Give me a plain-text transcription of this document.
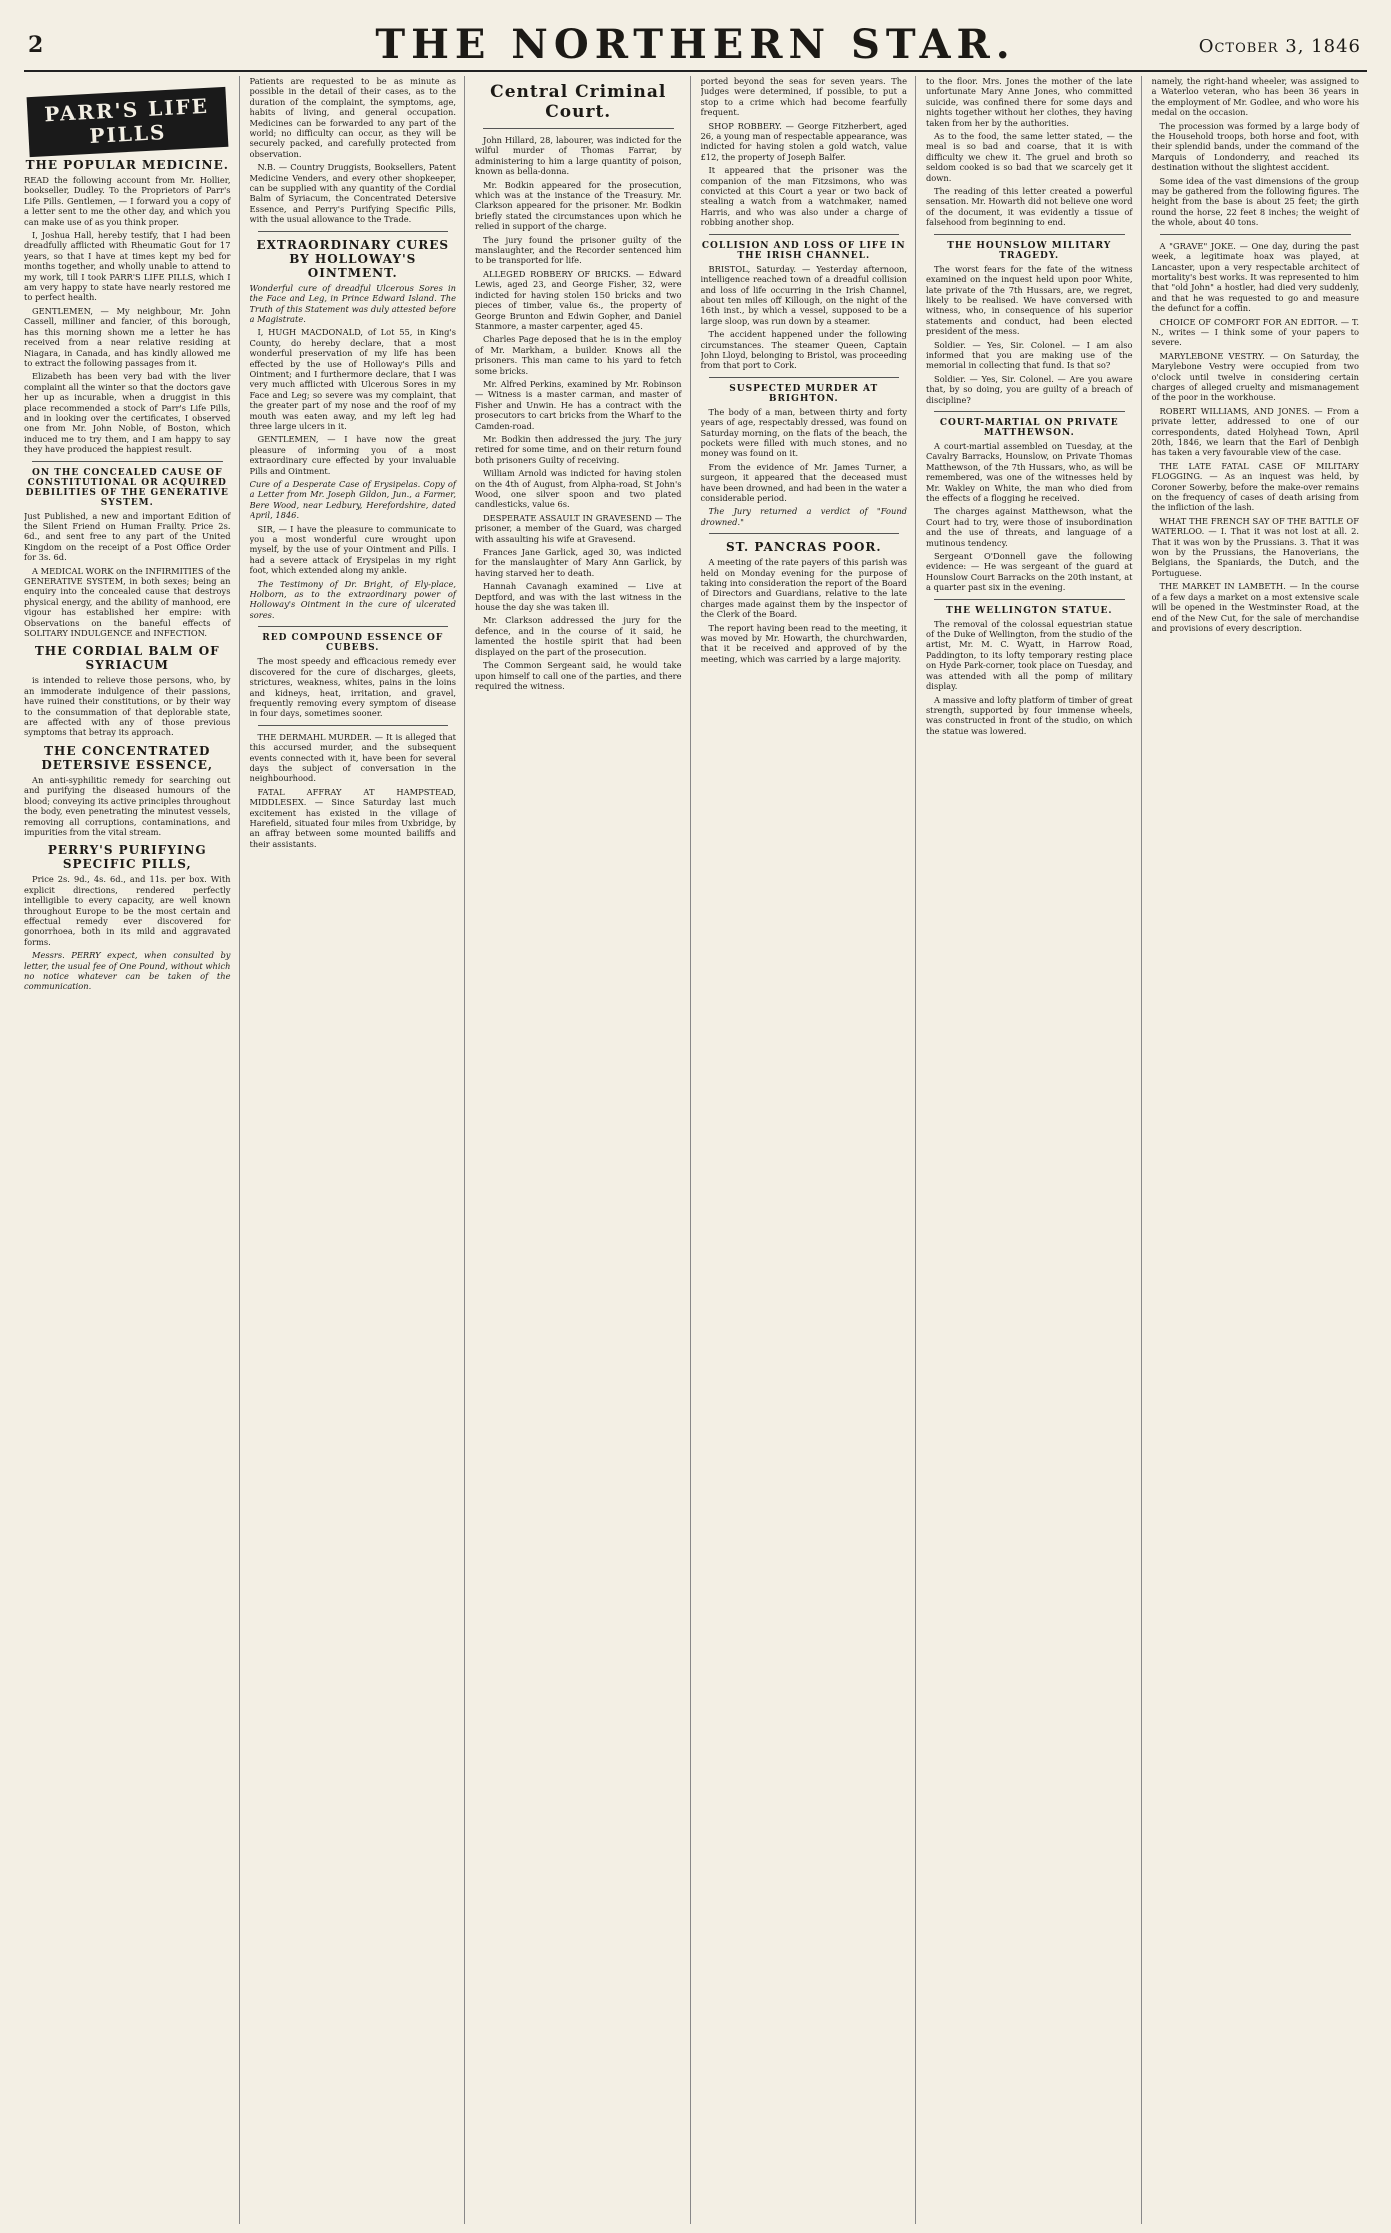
2	THE NORTHERN STAR.	October 3, 1846
PARR'S LIFE PILLS
THE POPULAR MEDICINE.

READ the following account from Mr. Hollier, bookseller, Dudley. To the Proprietors of Parr's Life Pills. Gentlemen, — I forward you a copy of a letter sent to me the other day, and which you can make use of as you think proper.

I, Joshua Hall, hereby testify, that I had been dreadfully afflicted with Rheumatic Gout for 17 years, so that I have at times kept my bed for months together, and wholly unable to attend to my work, till I took PARR'S LIFE PILLS, which I am very happy to state have nearly restored me to perfect health.

GENTLEMEN, — My neighbour, Mr. John Cassell, milliner and fancier, of this borough, has this morning shown me a letter he has received from a near relative residing at Niagara, in Canada, and has kindly allowed me to extract the following passages from it.

Elizabeth has been very bad with the liver complaint all the winter so that the doctors gave her up as incurable, when a druggist in this place recommended a stock of Parr's Life Pills, and in looking over the certificates, I observed one from Mr. John Noble, of Boston, which induced me to try them, and I am happy to say they have produced the happiest result.

ON THE CONCEALED CAUSE OF CONSTITUTIONAL OR ACQUIRED DEBILITIES OF THE GENERATIVE SYSTEM.

Just Published, a new and important Edition of the Silent Friend on Human Frailty. Price 2s. 6d., and sent free to any part of the United Kingdom on the receipt of a Post Office Order for 3s. 6d.

A MEDICAL WORK on the INFIRMITIES of the GENERATIVE SYSTEM, in both sexes; being an enquiry into the concealed cause that destroys physical energy, and the ability of manhood, ere vigour has established her empire: with Observations on the baneful effects of SOLITARY INDULGENCE and INFECTION.

THE CORDIAL BALM OF SYRIACUM

is intended to relieve those persons, who, by an immoderate indulgence of their passions, have ruined their constitutions, or by their way to the consummation of that deplorable state, are affected with any of those previous symptoms that betray its approach.

THE CONCENTRATED DETERSIVE ESSENCE,

An anti-syphilitic remedy for searching out and purifying the diseased humours of the blood; conveying its active principles throughout the body, even penetrating the minutest vessels, removing all corruptions, contaminations, and impurities from the vital stream.

PERRY'S PURIFYING SPECIFIC PILLS,

Price 2s. 9d., 4s. 6d., and 11s. per box. With explicit directions, rendered perfectly intelligible to every capacity, are well known throughout Europe to be the most certain and effectual remedy ever discovered for gonorrhoea, both in its mild and aggravated forms.

Messrs. PERRY expect, when consulted by letter, the usual fee of One Pound, without which no notice whatever can be taken of the communication.

Patients are requested to be as minute as possible in the detail of their cases, as to the duration of the complaint, the symptoms, age, habits of living, and general occupation. Medicines can be forwarded to any part of the world; no difficulty can occur, as they will be securely packed, and carefully protected from observation.

N.B. — Country Druggists, Booksellers, Patent Medicine Venders, and every other shopkeeper, can be supplied with any quantity of the Cordial Balm of Syriacum, the Concentrated Detersive Essence, and Perry's Purifying Specific Pills, with the usual allowance to the Trade.

EXTRAORDINARY CURES BY HOLLOWAY'S OINTMENT.

Wonderful cure of dreadful Ulcerous Sores in the Face and Leg, in Prince Edward Island. The Truth of this Statement was duly attested before a Magistrate.

I, HUGH MACDONALD, of Lot 55, in King's County, do hereby declare, that a most wonderful preservation of my life has been effected by the use of Holloway's Pills and Ointment; and I furthermore declare, that I was very much afflicted with Ulcerous Sores in my Face and Leg; so severe was my complaint, that the greater part of my nose and the roof of my mouth was eaten away, and my left leg had three large ulcers in it.

GENTLEMEN, — I have now the great pleasure of informing you of a most extraordinary cure effected by your invaluable Pills and Ointment.

Cure of a Desperate Case of Erysipelas. Copy of a Letter from Mr. Joseph Gildon, Jun., a Farmer, Bere Wood, near Ledbury, Herefordshire, dated April, 1846.

SIR, — I have the pleasure to communicate to you a most wonderful cure wrought upon myself, by the use of your Ointment and Pills. I had a severe attack of Erysipelas in my right foot, which extended along my ankle.

The Testimony of Dr. Bright, of Ely-place, Holborn, as to the extraordinary power of Holloway's Ointment in the cure of ulcerated sores.

RED COMPOUND ESSENCE OF CUBEBS.

The most speedy and efficacious remedy ever discovered for the cure of discharges, gleets, strictures, weakness, whites, pains in the loins and kidneys, heat, irritation, and gravel, frequently removing every symptom of disease in four days, sometimes sooner.

THE DERMAHL MURDER. — It is alleged that this accursed murder, and the subsequent events connected with it, have been for several days the subject of conversation in the neighbourhood.

FATAL AFFRAY AT HAMPSTEAD, MIDDLESEX. — Since Saturday last much excitement has existed in the village of Harefield, situated four miles from Uxbridge, by an affray between some mounted bailiffs and their assistants.

Central Criminal Court.

John Hillard, 28, labourer, was indicted for the wilful murder of Thomas Farrar, by administering to him a large quantity of poison, known as bella-donna.

Mr. Bodkin appeared for the prosecution, which was at the instance of the Treasury. Mr. Clarkson appeared for the prisoner. Mr. Bodkin briefly stated the circumstances upon which he relied in support of the charge.

The jury found the prisoner guilty of the manslaughter, and the Recorder sentenced him to be transported for life.

ALLEGED ROBBERY OF BRICKS. — Edward Lewis, aged 23, and George Fisher, 32, were indicted for having stolen 150 bricks and two pieces of timber, value 6s., the property of George Brunton and Edwin Gopher, and Daniel Stanmore, a master carpenter, aged 45.

Charles Page deposed that he is in the employ of Mr. Markham, a builder. Knows all the prisoners. This man came to his yard to fetch some bricks.

Mr. Alfred Perkins, examined by Mr. Robinson — Witness is a master carman, and master of Fisher and Unwin. He has a contract with the prosecutors to cart bricks from the Wharf to the Camden-road.

Mr. Bodkin then addressed the jury. The jury retired for some time, and on their return found both prisoners Guilty of receiving.

William Arnold was indicted for having stolen on the 4th of August, from Alpha-road, St John's Wood, one silver spoon and two plated candlesticks, value 6s.

DESPERATE ASSAULT IN GRAVESEND — The prisoner, a member of the Guard, was charged with assaulting his wife at Gravesend.

Frances Jane Garlick, aged 30, was indicted for the manslaughter of Mary Ann Garlick, by having starved her to death.

Hannah Cavanagh examined — Live at Deptford, and was with the last witness in the house the day she was taken ill.

Mr. Clarkson addressed the jury for the defence, and in the course of it said, he lamented the hostile spirit that had been displayed on the part of the prosecution.

The Common Sergeant said, he would take upon himself to call one of the parties, and there required the witness.

ported beyond the seas for seven years. The Judges were determined, if possible, to put a stop to a crime which had become fearfully frequent.

SHOP ROBBERY. — George Fitzherbert, aged 26, a young man of respectable appearance, was indicted for having stolen a gold watch, value £12, the property of Joseph Balfer.

It appeared that the prisoner was the companion of the man Fitzsimons, who was convicted at this Court a year or two back of stealing a watch from a watchmaker, named Harris, and who was also under a charge of robbing another shop.

COLLISION AND LOSS OF LIFE IN THE IRISH CHANNEL.

BRISTOL, Saturday. — Yesterday afternoon, intelligence reached town of a dreadful collision and loss of life occurring in the Irish Channel, about ten miles off Killough, on the night of the 16th inst., by which a vessel, supposed to be a large sloop, was run down by a steamer.

The accident happened under the following circumstances. The steamer Queen, Captain John Lloyd, belonging to Bristol, was proceeding from that port to Cork.

SUSPECTED MURDER AT BRIGHTON.

The body of a man, between thirty and forty years of age, respectably dressed, was found on Saturday morning, on the flats of the beach, the pockets were filled with much stones, and no money was found on it.

From the evidence of Mr. James Turner, a surgeon, it appeared that the deceased must have been drowned, and had been in the water a considerable period.

The Jury returned a verdict of "Found drowned."

ST. PANCRAS POOR.

A meeting of the rate payers of this parish was held on Monday evening for the purpose of taking into consideration the report of the Board of Directors and Guardians, relative to the late charges made against them by the inspector of the Clerk of the Board.

The report having been read to the meeting, it was moved by Mr. Howarth, the churchwarden, that it be received and approved of by the meeting, which was carried by a large majority.

to the floor. Mrs. Jones the mother of the late unfortunate Mary Anne Jones, who committed suicide, was confined there for some days and nights together without her clothes, they having taken from her by the authorities.

As to the food, the same letter stated, — the meal is so bad and coarse, that it is with difficulty we chew it. The gruel and broth so seldom cooked is so bad that we scarcely get it down.

The reading of this letter created a powerful sensation. Mr. Howarth did not believe one word of the document, it was evidently a tissue of falsehood from beginning to end.

THE HOUNSLOW MILITARY TRAGEDY.

The worst fears for the fate of the witness examined on the inquest held upon poor White, late private of the 7th Hussars, are, we regret, likely to be realised. We have conversed with witness, who, in consequence of his superior statements and conduct, had been elected president of the mess.

Soldier. — Yes, Sir. Colonel. — I am also informed that you are making use of the memorial in collecting that fund. Is that so?

Soldier. — Yes, Sir. Colonel. — Are you aware that, by so doing, you are guilty of a breach of discipline?

COURT-MARTIAL ON PRIVATE MATTHEWSON.

A court-martial assembled on Tuesday, at the Cavalry Barracks, Hounslow, on Private Thomas Matthewson, of the 7th Hussars, who, as will be remembered, was one of the witnesses held by Mr. Wakley on White, the man who died from the effects of a flogging he received.

The charges against Matthewson, what the Court had to try, were those of insubordination and the use of threats, and language of a mutinous tendency.

Sergeant O'Donnell gave the following evidence: — He was sergeant of the guard at Hounslow Court Barracks on the 20th instant, at a quarter past six in the evening.

THE WELLINGTON STATUE.

The removal of the colossal equestrian statue of the Duke of Wellington, from the studio of the artist, Mr. M. C. Wyatt, in Harrow Road, Paddington, to its lofty temporary resting place on Hyde Park-corner, took place on Tuesday, and was attended with all the pomp of military display.

A massive and lofty platform of timber of great strength, supported by four immense wheels, was constructed in front of the studio, on which the statue was lowered.

namely, the right-hand wheeler, was assigned to a Waterloo veteran, who has been 36 years in the employment of Mr. Godlee, and who wore his medal on the occasion.

The procession was formed by a large body of the Household troops, both horse and foot, with their splendid bands, under the command of the Marquis of Londonderry, and reached its destination without the slightest accident.

Some idea of the vast dimensions of the group may be gathered from the following figures. The height from the base is about 25 feet; the girth round the horse, 22 feet 8 inches; the weight of the whole, about 40 tons.

A "GRAVE" JOKE. — One day, during the past week, a legitimate hoax was played, at Lancaster, upon a very respectable architect of mortality's best works. It was represented to him that "old John" a hostler, had died very suddenly, and that he was requested to go and measure the defunct for a coffin.

CHOICE OF COMFORT FOR AN EDITOR. — T. N., writes — I think some of your papers to severe.

MARYLEBONE VESTRY. — On Saturday, the Marylebone Vestry were occupied from two o'clock until twelve in considering certain charges of alleged cruelty and mismanagement of the poor in the workhouse.

ROBERT WILLIAMS, AND JONES. — From a private letter, addressed to one of our correspondents, dated Holyhead Town, April 20th, 1846, we learn that the Earl of Denbigh has taken a very favourable view of the case.

THE LATE FATAL CASE OF MILITARY FLOGGING. — As an inquest was held, by Coroner Sowerby, before the make-over remains on the frequency of cases of death arising from the infliction of the lash.

WHAT THE FRENCH SAY OF THE BATTLE OF WATERLOO. — I. That it was not lost at all. 2. That it was won by the Prussians. 3. That it was won by the Prussians, the Hanoverians, the Belgians, the Spaniards, the Dutch, and the Portuguese.

THE MARKET IN LAMBETH. — In the course of a few days a market on a most extensive scale will be opened in the Westminster Road, at the end of the New Cut, for the sale of merchandise and provisions of every description.
